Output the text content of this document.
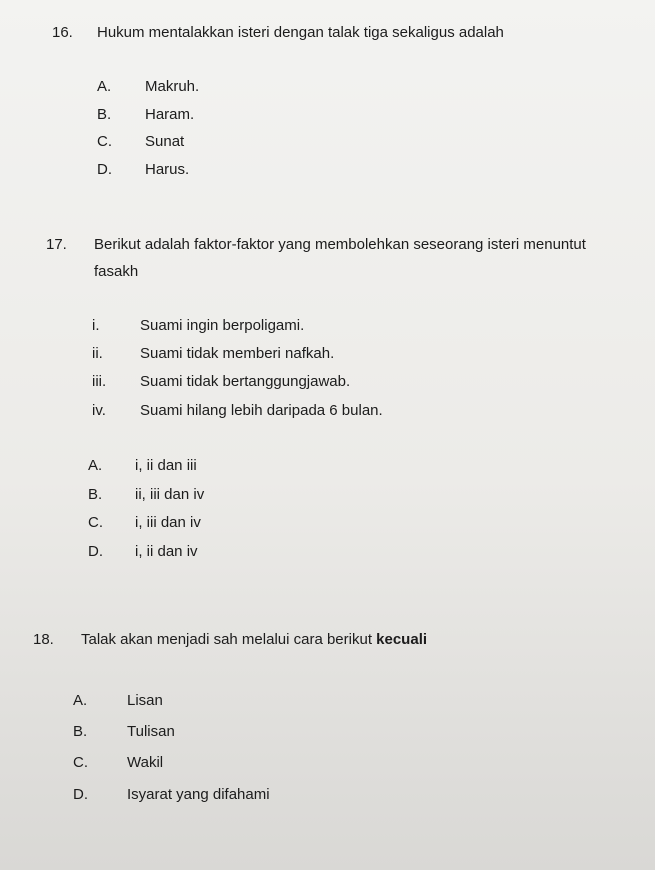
16. Hukum mentalakkan isteri dengan talak tiga sekaligus adalah
A. Makruh.
B. Haram.
C. Sunat
D. Harus.
17. Berikut adalah faktor-faktor yang membolehkan seseorang isteri menuntut
fasakh
i.	Suami ingin berpoligami.
ii. Suami tidak memberi nafkah.
iii. Suami tidak bertanggungjawab.
iv. Suami hilang lebih daripada 6 bulan.
A. i, ii dan iii
B. ii, iii dan iv
C. i, iii dan iv
D. i, ii dan iv
18. Talak akan menjadi sah melalui cara berikut kecuali
A.	Lisan
B.	Tulisan
C.	Wakil
D.	Isyarat yang difahami
